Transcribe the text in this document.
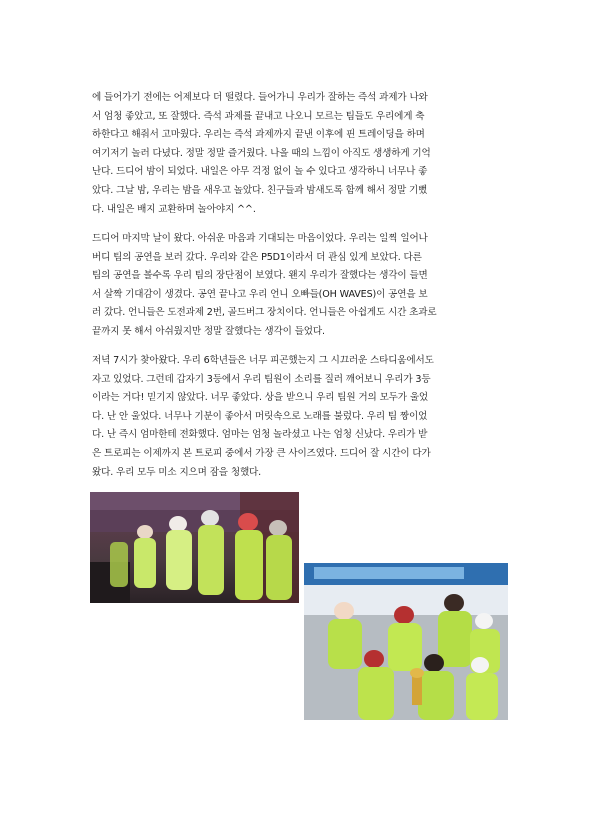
에 들어가기 전에는 어제보다 더 떨렸다. 들어가니 우리가 잘하는 즉석 과제가 나와
서 엄청 좋았고, 또 잘했다. 즉석 과제를 끝내고 나오니 모르는 팀들도 우리에게 축
하한다고 해줘서 고마웠다. 우리는 즉석 과제까지 끝낸 이후에 핀 트레이딩을 하며
여기저기 놀러 다녔다. 정말 정말 즐거웠다. 나올 때의 느낌이 아직도 생생하게 기억
난다. 드디어 밤이 되었다. 내일은 아무 걱정 없이 놀 수 있다고 생각하니 너무나 좋
았다. 그날 밤, 우리는 밤을 새우고 놀았다. 친구들과 밤새도록 함께 해서 정말 기뻤
다. 내일은 배지 교환하며 놀아야지 ^^.

드디어 마지막 날이 왔다. 아쉬운 마음과 기대되는 마음이었다. 우리는 일찍 일어나
버디 팀의 공연을 보러 갔다. 우리와 같은 P5D1이라서 더 관심 있게 보았다. 다른
팀의 공연을 볼수록 우리 팀의 장단점이 보였다. 왠지 우리가 잘했다는 생각이 들면
서 살짝 기대감이 생겼다. 공연 끝나고 우리 언니 오빠들(OH WAVES)이 공연을 보
러 갔다. 언니들은 도전과제 2번, 골드버그 장치이다. 언니들은 아쉽게도 시간 초과로
끝까지 못 해서 아쉬웠지만 정말 잘했다는 생각이 들었다.

저녁 7시가 찾아왔다. 우리 6학년들은 너무 피곤했는지 그 시끄러운 스타디움에서도
자고 있었다. 그런데 갑자기 3등에서 우리 팀원이 소리를 질러 깨어보니 우리가 3등
이라는 거다! 믿기지 않았다. 너무 좋았다. 상을 받으니 우리 팀원 거의 모두가 울었
다. 난 안 울었다. 너무나 기분이 좋아서 머릿속으로 노래를 불렀다. 우리 팀 짱이었
다. 난 즉시 엄마한테 전화했다. 엄마는 엄청 놀라셨고 나는 엄청 신났다. 우리가 받
은 트로피는 이제까지 본 트로피 중에서 가장 큰 사이즈였다. 드디어 잘 시간이 다가
왔다. 우리 모두 미소 지으며 잠을 청했다.
